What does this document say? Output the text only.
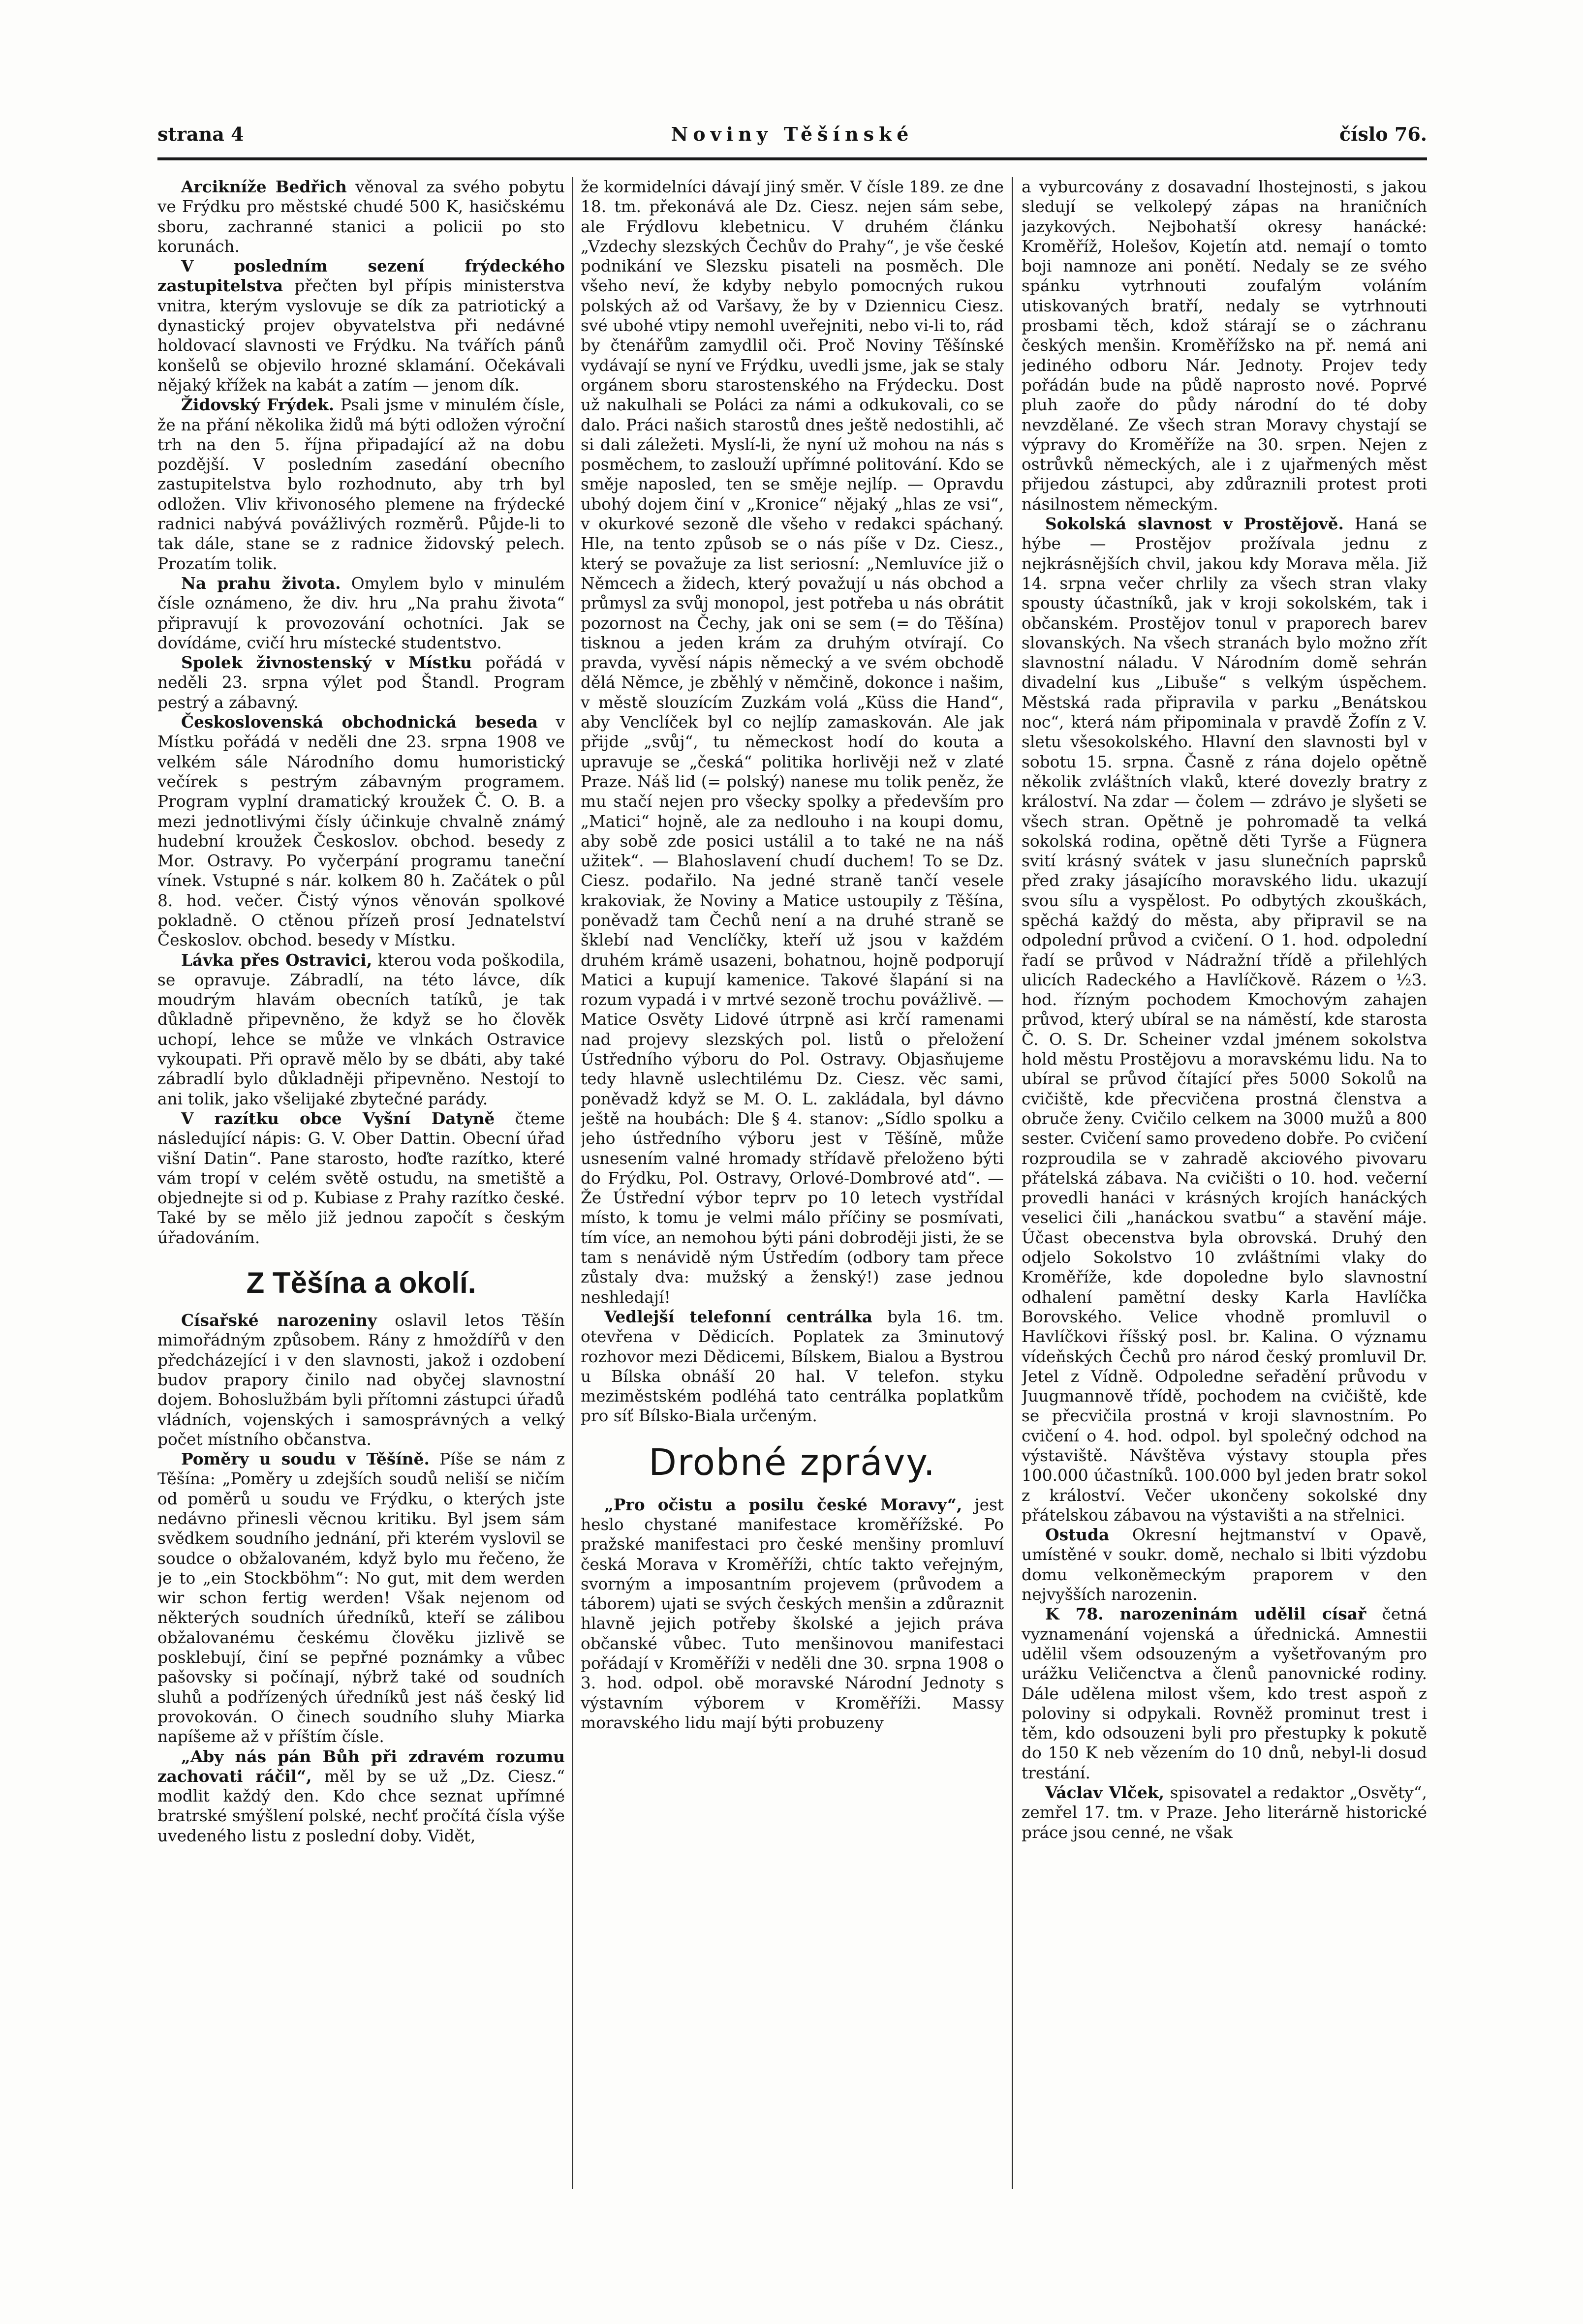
Noviny Těšínské
strana 4	číslo 76.

Arcikníže Bedřich věnoval za svého pobytu ve Frýdku pro městské chudé 500 K, hasičskému sboru, zachranné stanici a policii po sto korunách.

V posledním sezení frýdeckého zastupitelstva přečten byl přípis ministerstva vnitra, kterým vyslovuje se dík za patriotický a dynastický projev obyvatelstva při nedávné holdovací slavnosti ve Frýdku. Na tvářích pánů konšelů se objevilo hrozné sklamání. Očekávali nějaký křížek na kabát a zatím — jenom dík.

Židovský Frýdek. Psali jsme v minulém čísle, že na přání několika židů má býti odložen výroční trh na den 5. října připadající až na dobu pozdější. V posledním zasedání obecního zastupitelstva bylo rozhodnuto, aby trh byl odložen. Vliv křivonosého plemene na frýdecké radnici nabývá povážlivých rozměrů. Půjde-li to tak dále, stane se z radnice židovský pelech. Prozatím tolik.

Na prahu života. Omylem bylo v minulém čísle oznámeno, že div. hru „Na prahu života“ připravují k provozování ochotníci. Jak se dovídáme, cvičí hru místecké studentstvo.

Spolek živnostenský v Místku pořádá v neděli 23. srpna výlet pod Štandl. Program pestrý a zábavný.

Československá obchodnická beseda v Místku pořádá v neděli dne 23. srpna 1908 ve velkém sále Národního domu humoristický večírek s pestrým zábavným programem. Program vyplní dramatický kroužek Č. O. B. a mezi jednotlivými čísly účinkuje chvalně známý hudební kroužek Českoslov. obchod. besedy z Mor. Ostravy. Po vyčerpání programu taneční vínek. Vstupné s nár. kolkem 80 h. Začátek o půl 8. hod. večer. Čistý výnos věnován spolkové pokladně. O ctěnou přízeň prosí Jednatelství Českoslov. obchod. besedy v Místku.

Lávka přes Ostravici, kterou voda poškodila, se opravuje. Zábradlí, na této lávce, dík moudrým hlavám obecních tatíků, je tak důkladně připevněno, že když se ho člověk uchopí, lehce se může ve vlnkách Ostravice vykoupati. Při opravě mělo by se dbáti, aby také zábradlí bylo důkladněji připevněno. Nestojí to ani tolik, jako všelijaké zbytečné parády.

V razítku obce Vyšní Datyně čteme následující nápis: G. V. Ober Dattin. Obecní úřad višní Datin“. Pane starosto, hoďte razítko, které vám tropí v celém světě ostudu, na smetiště a objednejte si od p. Kubiase z Prahy razítko české. Také by se mělo již jednou započít s českým úřadováním.

Z Těšína a okolí.

Císařské narozeniny oslavil letos Těšín mimořádným způsobem. Rány z hmoždířů v den předcházející i v den slavnosti, jakož i ozdobení budov prapory činilo nad obyčej slavnostní dojem. Bohoslužbám byli přítomni zástupci úřadů vládních, vojenských i samosprávných a velký počet místního občanstva.

Poměry u soudu v Těšíně. Píše se nám z Těšína: „Poměry u zdejších soudů neliší se ničím od poměrů u soudu ve Frýdku, o kterých jste nedávno přinesli věcnou kritiku. Byl jsem sám svědkem soudního jednání, při kterém vyslovil se soudce o obžalovaném, když bylo mu řečeno, že je to „ein Stockböhm“: No gut, mit dem werden wir schon fertig werden! Však nejenom od některých soudních úředníků, kteří se zálibou obžalovanému českému člověku jizlivě se posklebují, činí se pepřné poznámky a vůbec pašovsky si počínají, nýbrž také od soudních sluhů a podřízených úředníků jest náš český lid provokován. O činech soudního sluhy Miarka napíšeme až v příštím čísle.

„Aby nás pán Bůh při zdravém rozumu zachovati ráčil“, měl by se už „Dz. Ciesz.“ modlit každý den. Kdo chce seznat upřímné bratrské smýšlení polské, nechť pročítá čísla výše uvedeného listu z poslední doby. Vidět,

že kormidelníci dávají jiný směr. V čísle 189. ze dne 18. tm. překonává ale Dz. Ciesz. nejen sám sebe, ale Frýdlovu klebetnicu. V druhém článku „Vzdechy slezských Čechův do Prahy“, je vše české podnikání ve Slezsku pisateli na posměch. Dle všeho neví, že kdyby nebylo pomocných rukou polských až od Varšavy, že by v Dziennicu Ciesz. své ubohé vtipy nemohl uveřejniti, nebo vi-li to, rád by čtenářům zamydlil oči. Proč Noviny Těšínské vydávají se nyní ve Frýdku, uvedli jsme, jak se staly orgánem sboru starostenského na Frýdecku. Dost už nakulhali se Poláci za námi a odkukovali, co se dalo. Práci našich starostů dnes ještě nedostihli, ač si dali záležeti. Myslí-li, že nyní už mohou na nás s posměchem, to zaslouží upřímné politování. Kdo se směje naposled, ten se směje nejlíp. — Opravdu ubohý dojem činí v „Kronice“ nějaký „hlas ze vsi“, v okurkové sezoně dle všeho v redakci spáchaný. Hle, na tento způsob se o nás píše v Dz. Ciesz., který se považuje za list seriosní: „Nemluvíce již o Němcech a židech, který považují u nás obchod a průmysl za svůj monopol, jest potřeba u nás obrátit pozornost na Čechy, jak oni se sem (= do Těšína) tisknou a jeden krám za druhým otvírají. Co pravda, vyvěsí nápis německý a ve svém obchodě dělá Němce, je zběhlý v němčině, dokonce i našim, v městě slouzícím Zuzkám volá „Küss die Hand“, aby Venclíček byl co nejlíp zamaskován. Ale jak přijde „svůj“, tu německost hodí do kouta a upravuje se „česká“ politika horlivěji než v zlaté Praze. Náš lid (= polský) nanese mu tolik peněz, že mu stačí nejen pro všecky spolky a především pro „Matici“ hojně, ale za nedlouho i na koupi domu, aby sobě zde posici ustálil a to také ne na náš užitek“. — Blahoslavení chudí duchem! To se Dz. Ciesz. podařilo. Na jedné straně tančí vesele krakoviak, že Noviny a Matice ustoupily z Těšína, poněvadž tam Čechů není a na druhé straně se šklebí nad Venclíčky, kteří už jsou v každém druhém krámě usazeni, bohatnou, hojně podporují Matici a kupují kamenice. Takové šlapání si na rozum vypadá i v mrtvé sezoně trochu povážlivě. — Matice Osvěty Lidové útrpně asi krčí ramenami nad projevy slezských pol. listů o přeložení Ústředního výboru do Pol. Ostravy. Objasňujeme tedy hlavně uslechtilému Dz. Ciesz. věc sami, poněvadž když se M. O. L. zakládala, byl dávno ještě na houbách: Dle § 4. stanov: „Sídlo spolku a jeho ústředního výboru jest v Těšíně, může usnesením valné hromady střídavě přeloženo býti do Frýdku, Pol. Ostravy, Orlové-Dombrové atd“. — Že Ústřední výbor teprv po 10 letech vystřídal místo, k tomu je velmi málo příčiny se posmívati, tím více, an nemohou býti páni dobroději jisti, že se tam s nenávidě ným Ústředím (odbory tam přece zůstaly dva: mužský a ženský!) zase jednou neshledají!

Vedlejší telefonní centrálka byla 16. tm. otevřena v Dědicích. Poplatek za 3minutový rozhovor mezi Dědicemi, Bílskem, Bialou a Bystrou u Bílska obnáší 20 hal. V telefon. styku meziměstském podléhá tato centrálka poplatkům pro síť Bílsko-Biala určeným.

Drobné zprávy.

„Pro očistu a posilu české Moravy“, jest heslo chystané manifestace kroměřížské. Po pražské manifestaci pro české menšiny promluví česká Morava v Kroměříži, chtíc takto veřejným, svorným a imposantním projevem (průvodem a táborem) ujati se svých českých menšin a zdůraznit hlavně jejich potřeby školské a jejich práva občanské vůbec. Tuto menšinovou manifestaci pořádají v Kroměříži v neděli dne 30. srpna 1908 o 3. hod. odpol. obě moravské Národní Jednoty s výstavním výborem v Kroměříži. Massy moravského lidu mají býti probuzeny

a vyburcovány z dosavadní lhostejnosti, s jakou sledují se velkolepý zápas na hraničních jazykových. Nejbohatší okresy hanácké: Kroměříž, Holešov, Kojetín atd. nemají o tomto boji namnoze ani ponětí. Nedaly se ze svého spánku vytrhnouti zoufalým voláním utiskovaných bratří, nedaly se vytrhnouti prosbami těch, kdož stárají se o záchranu českých menšin. Kroměřížsko na př. nemá ani jediného odboru Nár. Jednoty. Projev tedy pořádán bude na půdě naprosto nové. Poprvé pluh zaoře do půdy národní do té doby nevzdělané. Ze všech stran Moravy chystají se výpravy do Kroměříže na 30. srpen. Nejen z ostrůvků německých, ale i z ujařmených měst přijedou zástupci, aby zdůraznili protest proti násilnostem německým.

Sokolská slavnost v Prostějově. Haná se hýbe — Prostějov prožívala jednu z nejkrásnějších chvil, jakou kdy Morava měla. Již 14. srpna večer chrlily za všech stran vlaky spousty účastníků, jak v kroji sokolském, tak i občanském. Prostějov tonul v praporech barev slovanských. Na všech stranách bylo možno zřít slavnostní náladu. V Národním domě sehrán divadelní kus „Libuše“ s velkým úspěchem. Městská rada připravila v parku „Benátskou noc“, která nám připominala v pravdě Žofín z V. sletu všesokolského. Hlavní den slavnosti byl v sobotu 15. srpna. Časně z rána dojelo opětně několik zvláštních vlaků, které dovezly bratry z králoství. Na zdar — čolem — zdrávo je slyšeti se všech stran. Opětně je pohromadě ta velká sokolská rodina, opětně děti Tyrše a Fügnera svití krásný svátek v jasu slunečních paprsků před zraky jásajícího moravského lidu. ukazují svou sílu a vyspělost. Po odbytých zkouškách, spěchá každý do města, aby připravil se na odpolední průvod a cvičení. O 1. hod. odpolední řadí se průvod v Nádražní třídě a přilehlých ulicích Radeckého a Havlíčkově. Rázem o ½3. hod. řízným pochodem Kmochovým zahajen průvod, který ubíral se na náměstí, kde starosta Č. O. S. Dr. Scheiner vzdal jménem sokolstva hold městu Prostějovu a moravskému lidu. Na to ubíral se průvod čítající přes 5000 Sokolů na cvičiště, kde přecvičena prostná členstva a obruče ženy. Cvičilo celkem na 3000 mužů a 800 sester. Cvičení samo provedeno dobře. Po cvičení rozproudila se v zahradě akciového pivovaru přátelská zábava. Na cvičišti o 10. hod. večerní provedli hanáci v krásných krojích hanáckých veselici čili „hanáckou svatbu“ a stavění máje. Účast obecenstva byla obrovská. Druhý den odjelo Sokolstvo 10 zvláštními vlaky do Kroměříže, kde dopoledne bylo slavnostní odhalení pamětní desky Karla Havlíčka Borovského. Velice vhodně promluvil o Havlíčkovi říšský posl. br. Kalina. O významu vídeňských Čechů pro národ český promluvil Dr. Jetel z Vídně. Odpoledne seřadění průvodu v Juugmannově třídě, pochodem na cvičiště, kde se přecvičila prostná v kroji slavnostním. Po cvičení o 4. hod. odpol. byl společný odchod na výstaviště. Návštěva výstavy stoupla přes 100.000 účastníků. 100.000 byl jeden bratr sokol z králoství. Večer ukončeny sokolské dny přátelskou zábavou na výstavišti a na střelnici.

Ostuda Okresní hejtmanství v Opavě, umístěné v soukr. domě, nechalo si lbiti výzdobu domu velkoněmeckým praporem v den nejvyšších narozenin.

K 78. narozeninám udělil císař četná vyznamenání vojenská a úřednická. Amnestii udělil všem odsouzeným a vyšetřovaným pro urážku Veličenctva a členů panovnické rodiny. Dále udělena milost všem, kdo trest aspoň z poloviny si odpykali. Rovněž prominut trest i těm, kdo odsouzeni byli pro přestupky k pokutě do 150 K neb vězením do 10 dnů, nebyl-li dosud trestání.

Václav Vlček, spisovatel a redaktor „Osvěty“, zemřel 17. tm. v Praze. Jeho literárně historické práce jsou cenné, ne však
